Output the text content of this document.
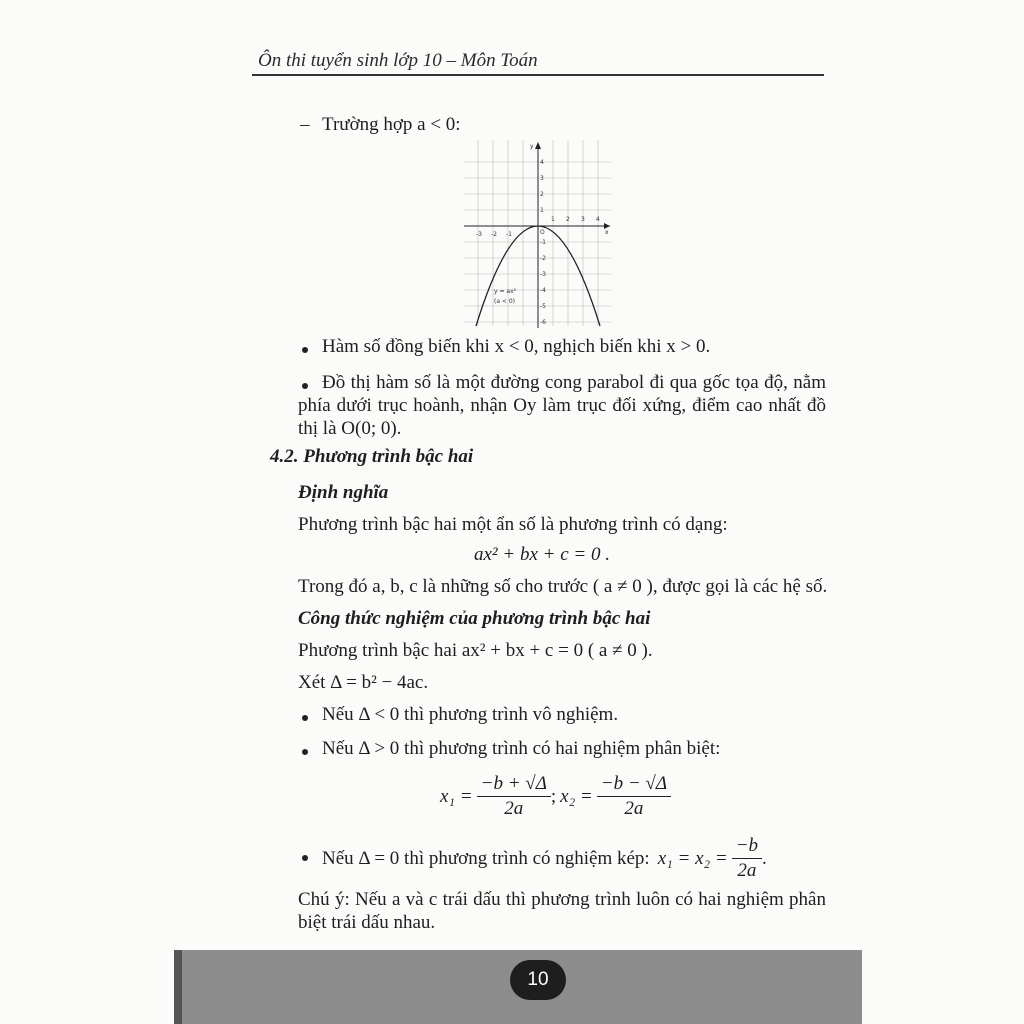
Ôn thi tuyển sinh lớp 10 – Môn Toán
– Trường hợp a < 0:
-3 -2 -1
1 2 3 4
x
y
4
3
2
1
-1
-2
-3
-4
-5
-6
O
y = ax²
(a < 0)
Hàm số đồng biến khi x < 0, nghịch biến khi x > 0.
Đồ thị hàm số là một đường cong parabol đi qua gốc tọa độ, nằm phía dưới trục hoành, nhận Oy làm trục đối xứng, điểm cao nhất đồ thị là O(0; 0).
4.2. Phương trình bậc hai
Định nghĩa
Phương trình bậc hai một ẩn số là phương trình có dạng:
ax² + bx + c = 0 .
Trong đó a, b, c là những số cho trước ( a ≠ 0 ), được gọi là các hệ số.
Công thức nghiệm của phương trình bậc hai
Phương trình bậc hai ax² + bx + c = 0 ( a ≠ 0 ).
Xét Δ = b² − 4ac.
Nếu Δ < 0 thì phương trình vô nghiệm.
Nếu Δ > 0 thì phương trình có hai nghiệm phân biệt:
$x_1 = \frac{-b + √\Delta}{2a}$ ; $x_2 = \frac{-b - √\Delta}{2a}$
Nếu Δ = 0 thì phương trình có nghiệm kép: $x_1 = x_2 = \frac{-b}{2a}$ .
Chú ý: Nếu a và c trái dấu thì phương trình luôn có hai nghiệm phân biệt trái dấu nhau.
10
